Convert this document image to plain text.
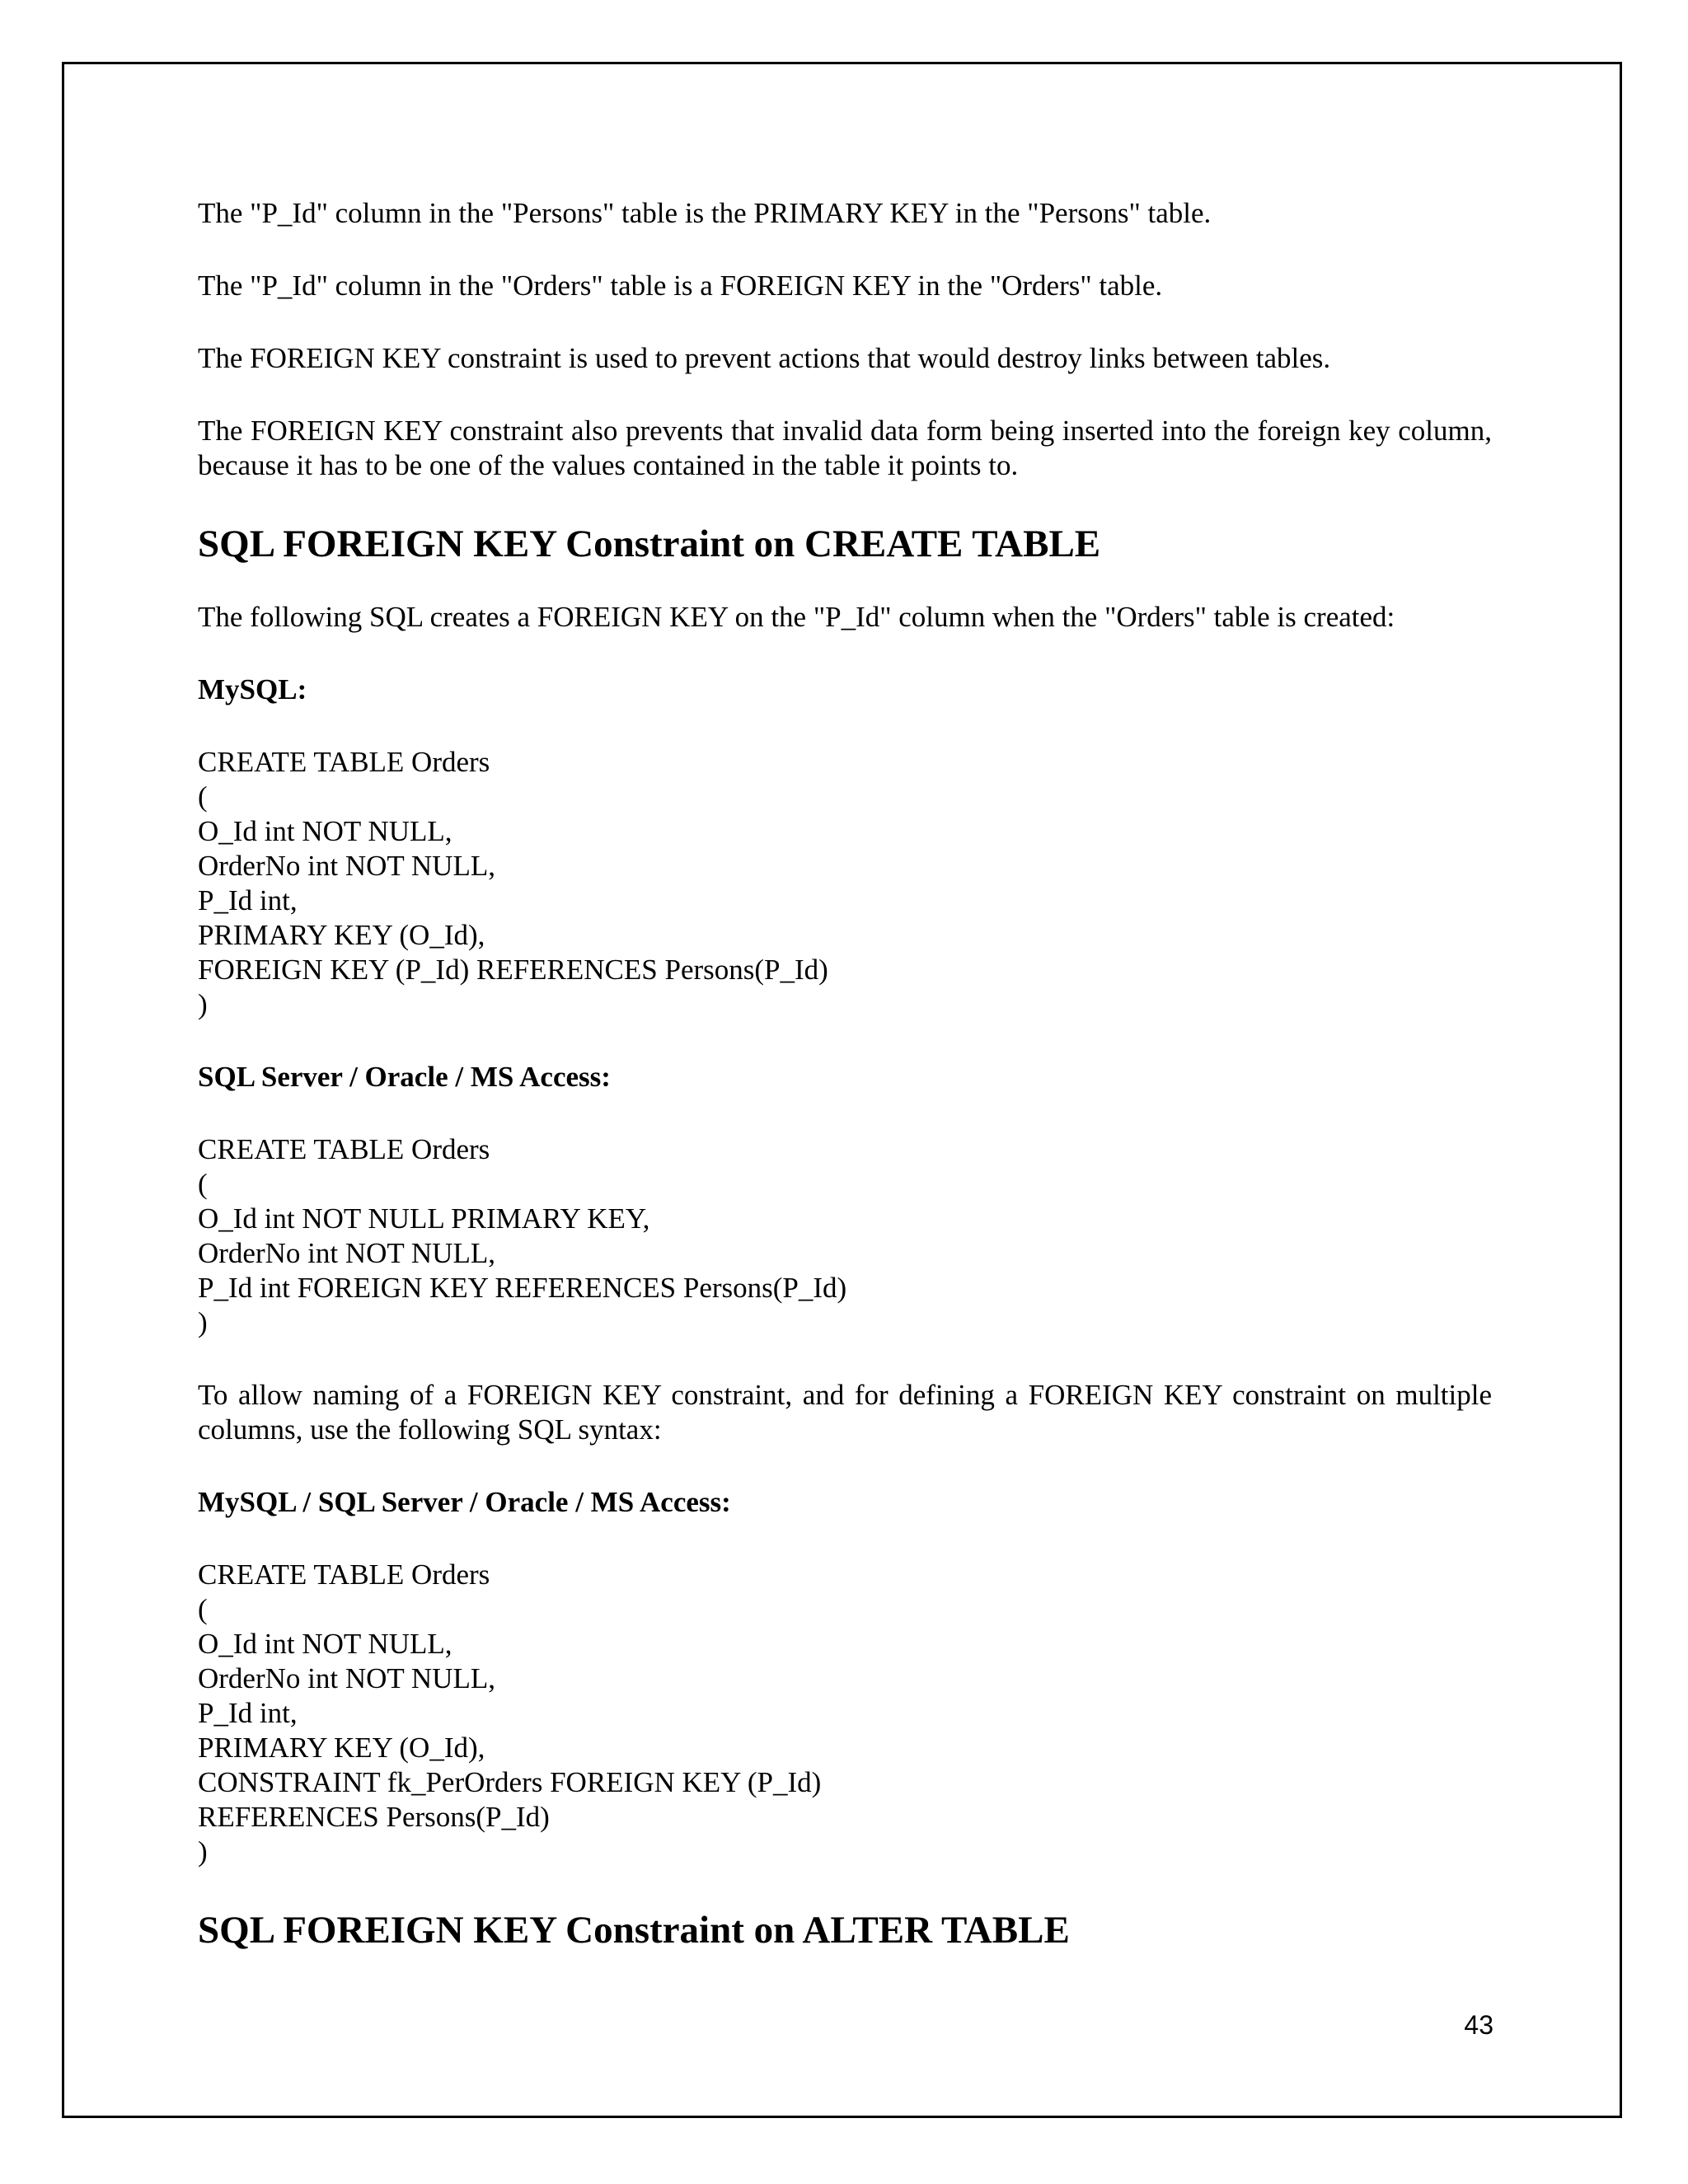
The "P_Id" column in the "Persons" table is the PRIMARY KEY in the "Persons" table.
The "P_Id" column in the "Orders" table is a FOREIGN KEY in the "Orders" table.
The FOREIGN KEY constraint is used to prevent actions that would destroy links between tables.
The FOREIGN KEY constraint also prevents that invalid data form being inserted into the foreign key column, because it has to be one of the values contained in the table it points to.
SQL FOREIGN KEY Constraint on CREATE TABLE
The following SQL creates a FOREIGN KEY on the "P_Id" column when the "Orders" table is created:
MySQL:
CREATE TABLE Orders
(
O_Id int NOT NULL,
OrderNo int NOT NULL,
P_Id int,
PRIMARY KEY (O_Id),
FOREIGN KEY (P_Id) REFERENCES Persons(P_Id)
)
SQL Server / Oracle / MS Access:
CREATE TABLE Orders
(
O_Id int NOT NULL PRIMARY KEY,
OrderNo int NOT NULL,
P_Id int FOREIGN KEY REFERENCES Persons(P_Id)
)
To allow naming of a FOREIGN KEY constraint, and for defining a FOREIGN KEY constraint on multiple columns, use the following SQL syntax:
MySQL / SQL Server / Oracle / MS Access:
CREATE TABLE Orders
(
O_Id int NOT NULL,
OrderNo int NOT NULL,
P_Id int,
PRIMARY KEY (O_Id),
CONSTRAINT fk_PerOrders FOREIGN KEY (P_Id)
REFERENCES Persons(P_Id)
)
SQL FOREIGN KEY Constraint on ALTER TABLE
43
